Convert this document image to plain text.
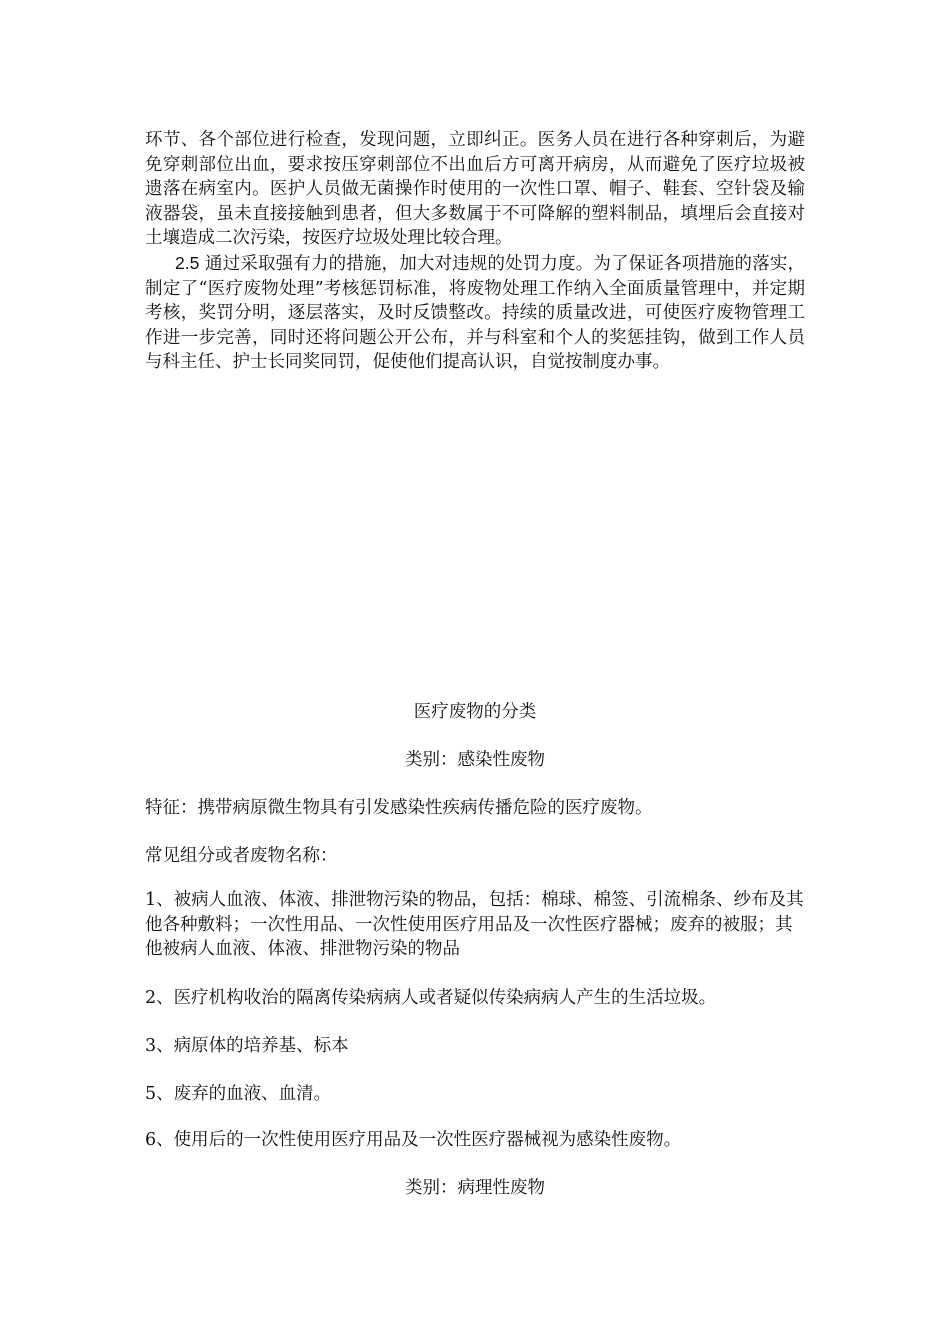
环节、各个部位进行检查，发现问题，立即纠正。医务人员在进行各种穿刺后，为避免穿刺部位出血，要求按压穿刺部位不出血后方可离开病房，从而避免了医疗垃圾被遗落在病室内。医护人员做无菌操作时使用的一次性口罩、帽子、鞋套、空针袋及输液器袋，虽未直接接触到患者，但大多数属于不可降解的塑料制品，填埋后会直接对土壤造成二次污染，按医疗垃圾处理比较合理。

2.5 通过采取强有力的措施，加大对违规的处罚力度。为了保证各项措施的落实，制定了“医疗废物处理”考核惩罚标准，将废物处理工作纳入全面质量管理中，并定期考核，奖罚分明，逐层落实，及时反馈整改。持续的质量改进，可使医疗废物管理工作进一步完善，同时还将问题公开公布，并与科室和个人的奖惩挂钩，做到工作人员与科主任、护士长同奖同罚，促使他们提高认识，自觉按制度办事。

医疗废物的分类
类别：感染性废物
特征：携带病原微生物具有引发感染性疾病传播危险的医疗废物。
常见组分或者废物名称：
1、被病人血液、体液、排泄物污染的物品，包括：棉球、棉签、引流棉条、纱布及其他各种敷料；一次性用品、一次性使用医疗用品及一次性医疗器械；废弃的被服；其他被病人血液、体液、排泄物污染的物品
2、医疗机构收治的隔离传染病病人或者疑似传染病病人产生的生活垃圾。
3、病原体的培养基、标本
5、废弃的血液、血清。
6、使用后的一次性使用医疗用品及一次性医疗器械视为感染性废物。
类别：病理性废物
